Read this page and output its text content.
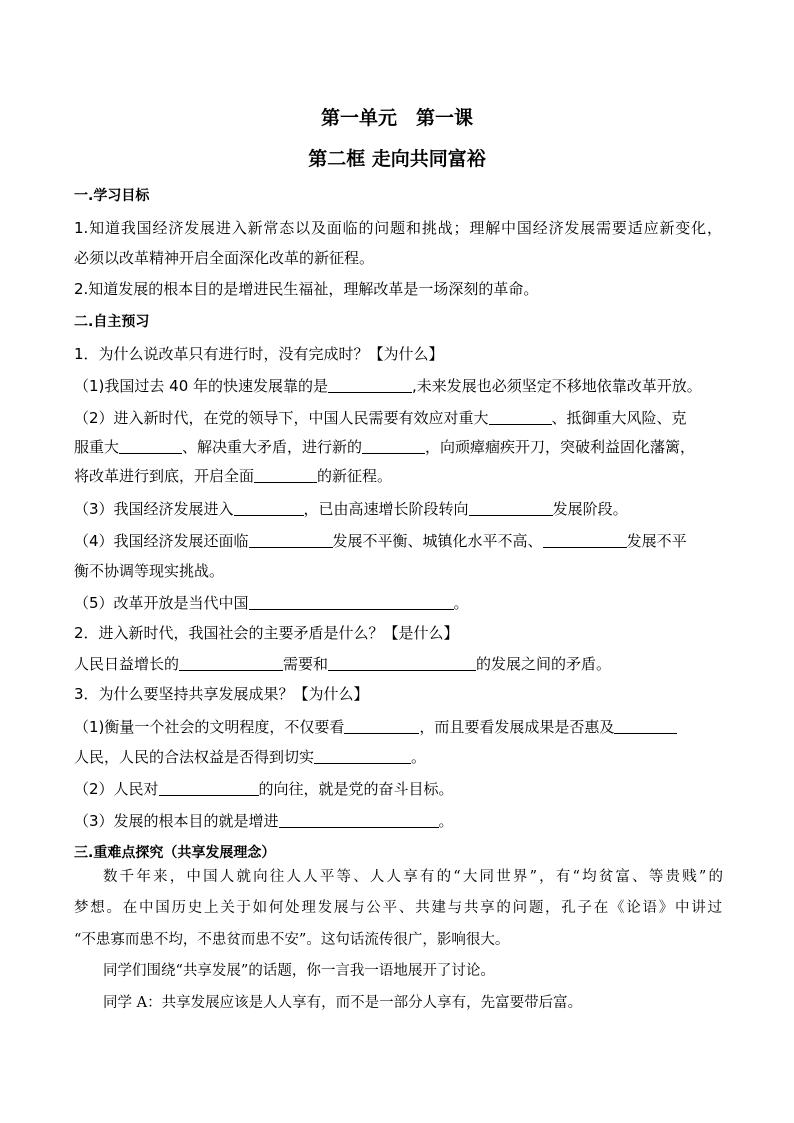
第一单元　第一课
第二框 走向共同富裕
一.学习目标
1.知道我国经济发展进入新常态以及面临的问题和挑战；理解中国经济发展需要适应新变化，
必须以改革精神开启全面深化改革的新征程。
2.知道发展的根本目的是增进民生福祉，理解改革是一场深刻的革命。
二.自主预习
1．为什么说改革只有进行时，没有完成时？【为什么】
（1)我国过去 40 年的快速发展靠的是	,未来发展也必须坚定不移地依靠改革开放。
（2）进入新时代，在党的领导下，中国人民需要有效应对重大	、抵御重大风险、克
服重大	、解决重大矛盾，进行新的	，向顽瘴痼疾开刀，突破利益固化藩篱，
将改革进行到底，开启全面	的新征程。
（3）我国经济发展进入	，已由高速增长阶段转向	发展阶段。
（4）我国经济发展还面临	发展不平衡、城镇化水平不高、	发展不平
衡不协调等现实挑战。
（5）改革开放是当代中国	。
2．进入新时代，我国社会的主要矛盾是什么？【是什么】
人民日益增长的	需要和	的发展之间的矛盾。
3．为什么要坚持共享发展成果？【为什么】
（1)衡量一个社会的文明程度，不仅要看	，而且要看发展成果是否惠及
人民，人民的合法权益是否得到切实	。
（2）人民对	的向往，就是党的奋斗目标。
（3）发展的根本目的就是增进	。
三.重难点探究（共享发展理念）
数千年来，中国人就向往人人平等、人人享有的“大同世界”，有“均贫富、等贵贱”的
梦想。在中国历史上关于如何处理发展与公平、共建与共享的问题，孔子在《论语》中讲过
“不患寡而患不均，不患贫而患不安”。这句话流传很广，影响很大。
同学们围绕“共享发展”的话题，你一言我一语地展开了讨论。
同学 A：共享发展应该是人人享有，而不是一部分人享有，先富要带后富。
